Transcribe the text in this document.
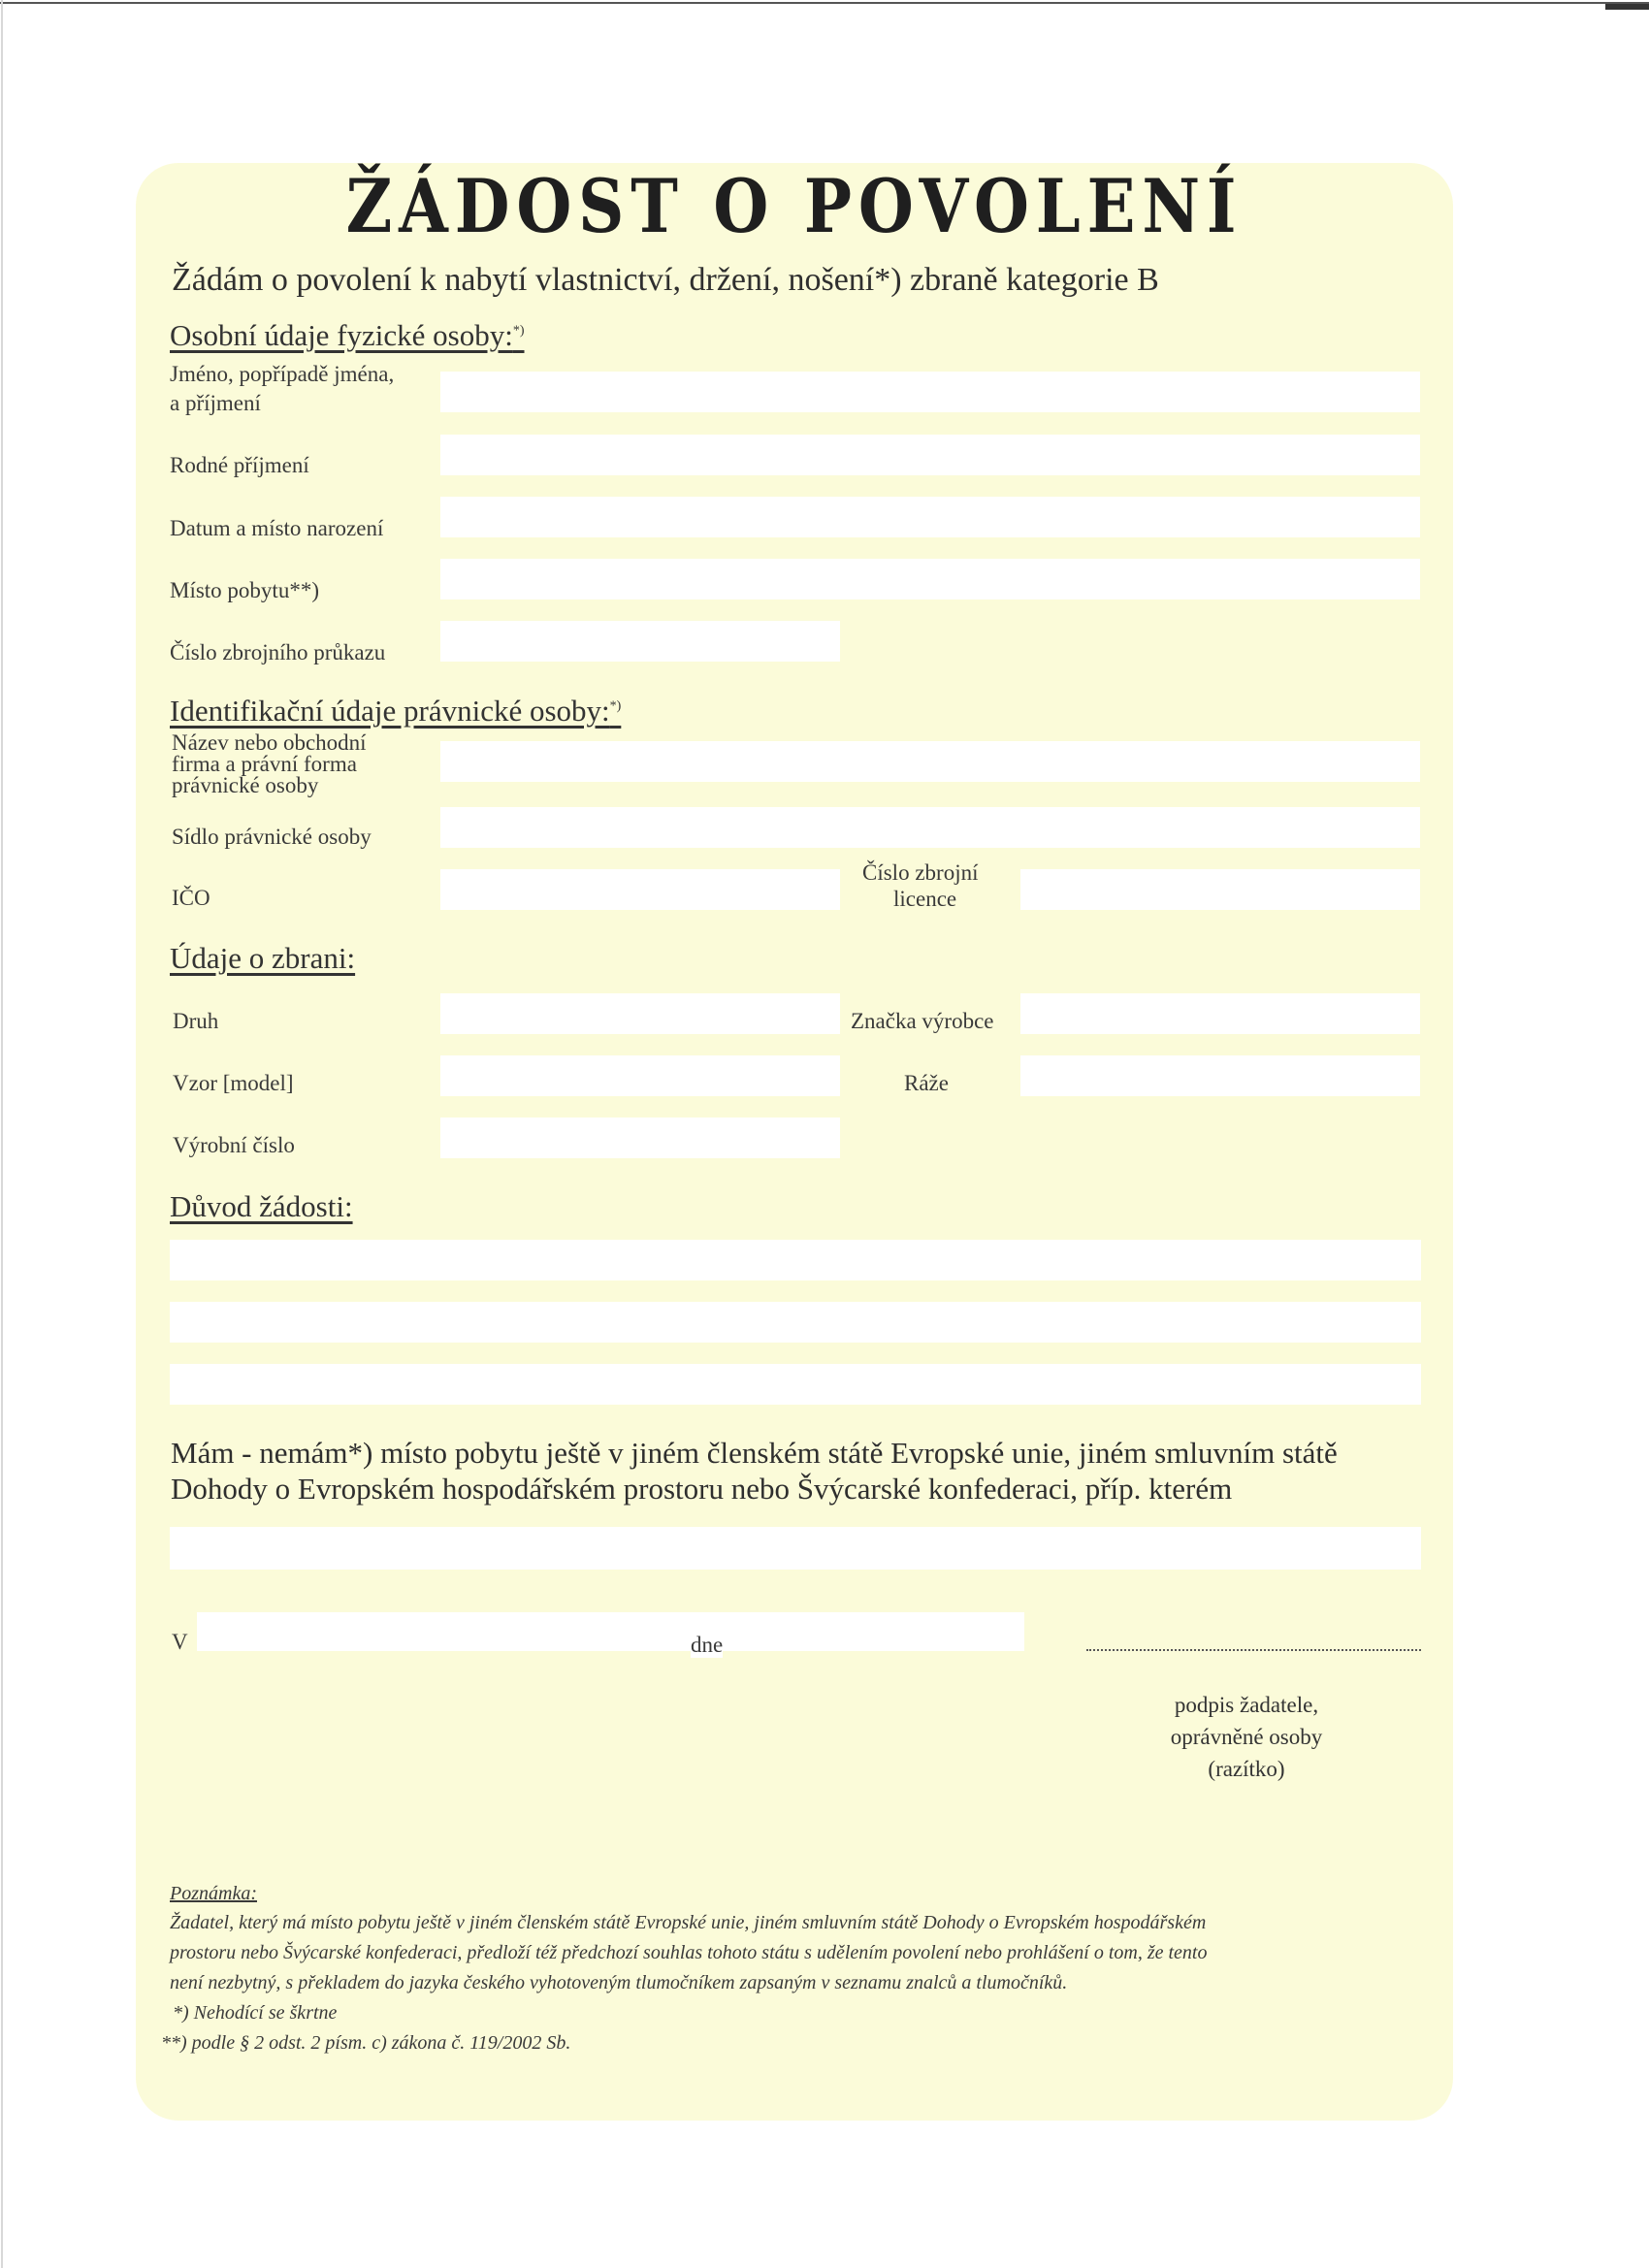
ŽÁDOST O POVOLENÍ
Žádám o povolení k nabytí vlastnictví, držení, nošení*) zbraně kategorie B
Osobní údaje fyzické osoby:*)
Jméno, popřípadě jména,
a příjmení
Rodné příjmení
Datum a místo narození
Místo pobytu**)
Číslo zbrojního průkazu
Identifikační údaje právnické osoby:*)
Název nebo obchodní firma a právní forma právnické osoby
Sídlo právnické osoby
IČO
Číslo zbrojní
licence
Údaje o zbrani:
Druh	Značka výrobce
Vzor [model]	Ráže
Výrobní číslo
Důvod žádosti:
Mám - nemám*) místo pobytu ještě v jiném členském státě Evropské unie, jiném smluvním státě
Dohody o Evropském hospodářském prostoru nebo Švýcarské konfederaci, příp. kterém
V	dne
podpis žadatele,
oprávněné osoby
(razítko)
Poznámka:
Žadatel, který má místo pobytu ještě v jiném členském státě Evropské unie, jiném smluvním státě Dohody o Evropském hospodářském
prostoru nebo Švýcarské konfederaci, předloží též předchozí souhlas tohoto státu s udělením povolení nebo prohlášení o tom, že tento
není nezbytný, s překladem do jazyka českého vyhotoveným tlumočníkem zapsaným v seznamu znalců a tlumočníků.
*) Nehodící se škrtne
**) podle § 2 odst. 2 písm. c) zákona č. 119/2002 Sb.
